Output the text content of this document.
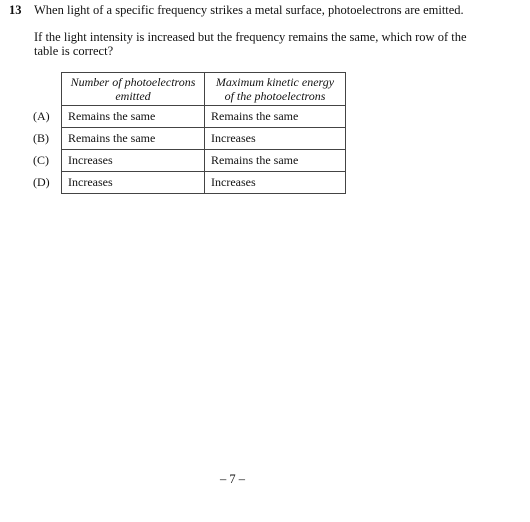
13 When light of a specific frequency strikes a metal surface, photoelectrons are emitted.
If the light intensity is increased but the frequency remains the same, which row of the table is correct?
	Number of photoelectrons emitted	Maximum kinetic energy of the photoelectrons
(A)	Remains the same	Remains the same
(B)	Remains the same	Increases
(C)	Increases	Remains the same
(D)	Increases	Increases
– 7 –
